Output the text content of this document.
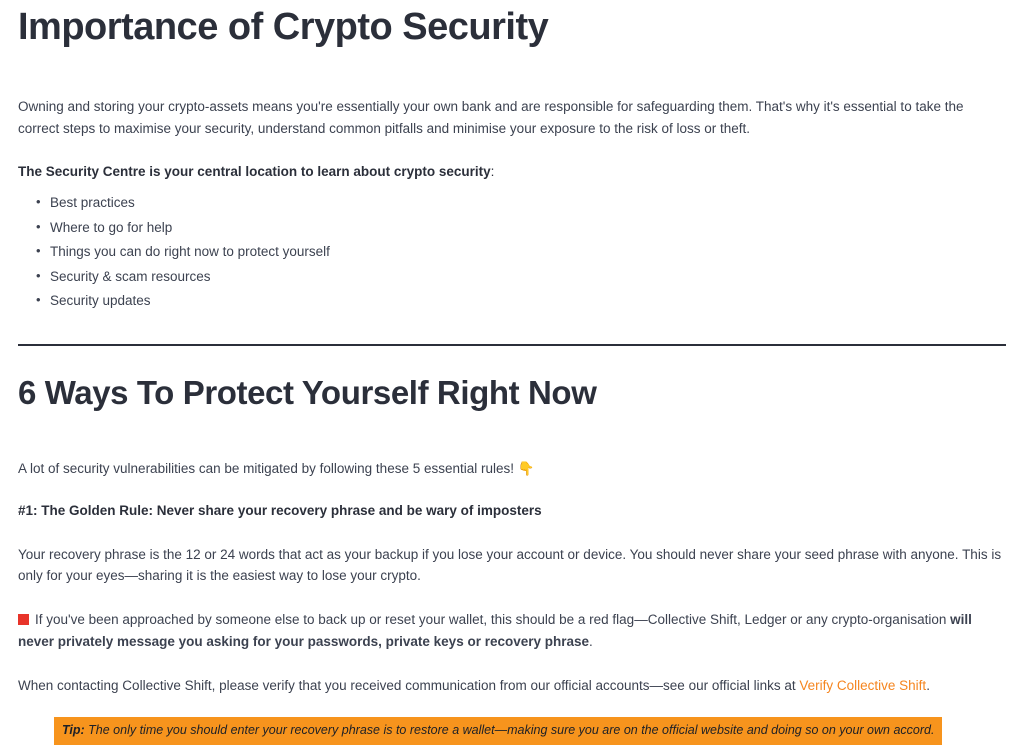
Importance of Crypto Security

Owning and storing your crypto-assets means you're essentially your own bank and are responsible for safeguarding them. That's why it's essential to take the correct steps to maximise your security, understand common pitfalls and minimise your exposure to the risk of loss or theft.

The Security Centre is your central location to learn about crypto security:

• Best practices
• Where to go for help
• Things you can do right now to protect yourself
• Security & scam resources
• Security updates
6 Ways To Protect Yourself Right Now

A lot of security vulnerabilities can be mitigated by following these 5 essential rules! 👇

#1: The Golden Rule: Never share your recovery phrase and be wary of imposters

Your recovery phrase is the 12 or 24 words that act as your backup if you lose your account or device. You should never share your seed phrase with anyone. This is only for your eyes—sharing it is the easiest way to lose your crypto.

If you've been approached by someone else to back up or reset your wallet, this should be a red flag—Collective Shift, Ledger or any crypto-organisation will never privately message you asking for your passwords, private keys or recovery phrase.

When contacting Collective Shift, please verify that you received communication from our official accounts—see our official links at Verify Collective Shift.

Tip: The only time you should enter your recovery phrase is to restore a wallet—making sure you are on the official website and doing so on your own accord.
